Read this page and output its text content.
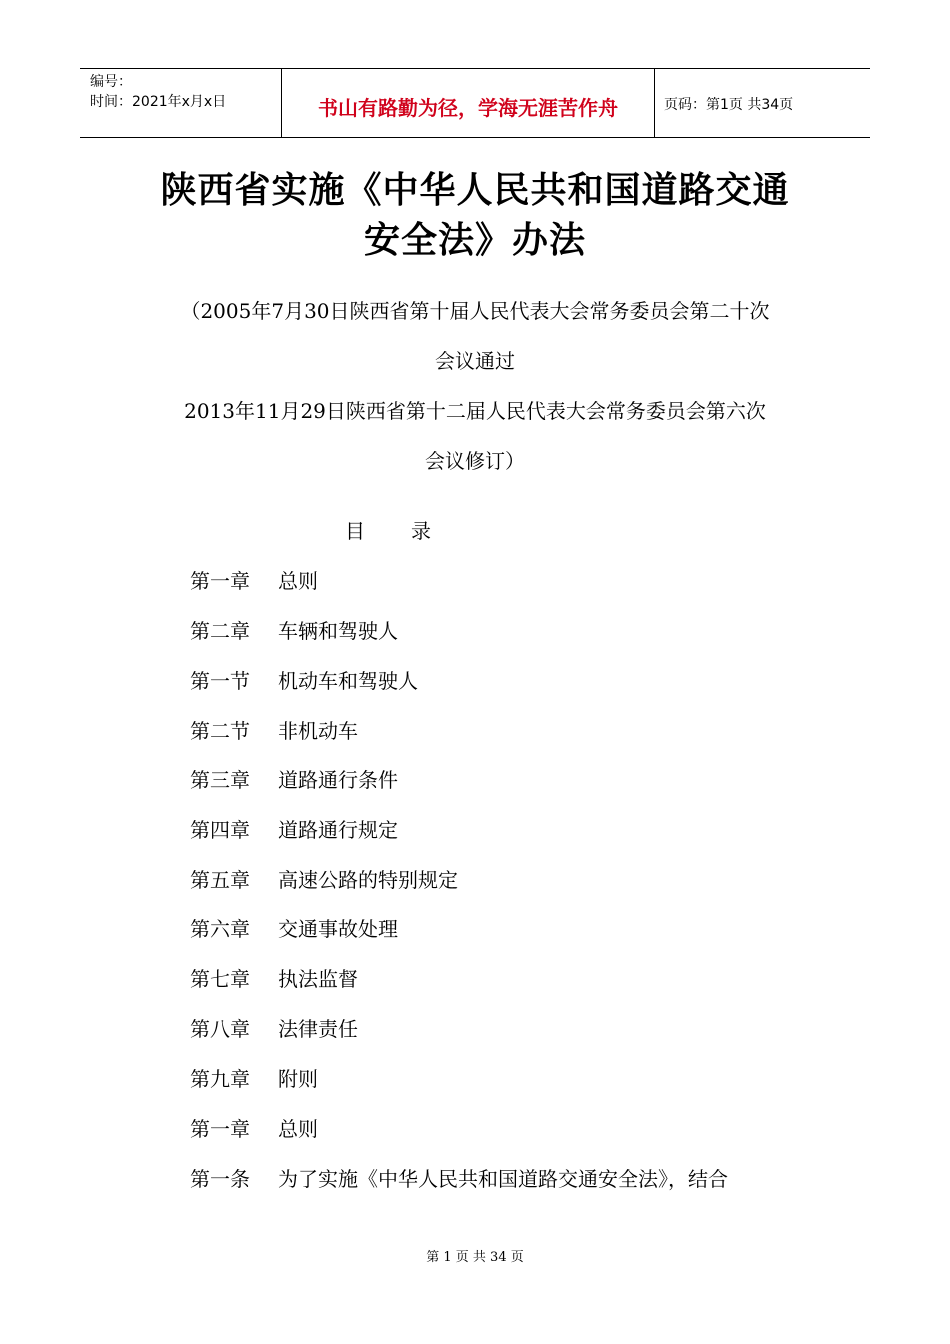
编号：
时间：2021年x月x日	书山有路勤为径，学海无涯苦作舟	页码：第1页 共34页
陕西省实施《中华人民共和国道路交通
安全法》办法
（2005年7月30日陕西省第十届人民代表大会常务委员会第二十次
会议通过
2013年11月29日陕西省第十二届人民代表大会常务委员会第六次
会议修订）
目 录
第一章 总则
第二章 车辆和驾驶人
第一节 机动车和驾驶人
第二节 非机动车
第三章 道路通行条件
第四章 道路通行规定
第五章 高速公路的特别规定
第六章 交通事故处理
第七章 执法监督
第八章 法律责任
第九章 附则
第一章 总则
第一条 为了实施《中华人民共和国道路交通安全法》，结合
第 1 页 共 34 页
